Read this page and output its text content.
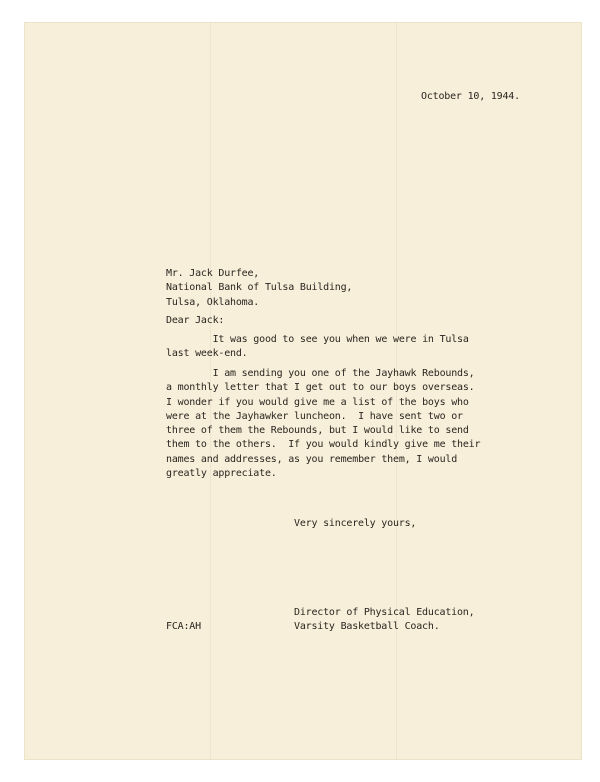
October 10, 1944.
Mr. Jack Durfee,
National Bank of Tulsa Building,
Tulsa, Oklahoma.
Dear Jack:
It was good to see you when we were in Tulsa
last week-end.
I am sending you one of the Jayhawk Rebounds,
a monthly letter that I get out to our boys overseas.
I wonder if you would give me a list of the boys who
were at the Jayhawker luncheon.  I have sent two or
three of them the Rebounds, but I would like to send
them to the others.  If you would kindly give me their
names and addresses, as you remember them, I would
greatly appreciate.
Very sincerely yours,
Director of Physical Education,
Varsity Basketball Coach.
FCA:AH
